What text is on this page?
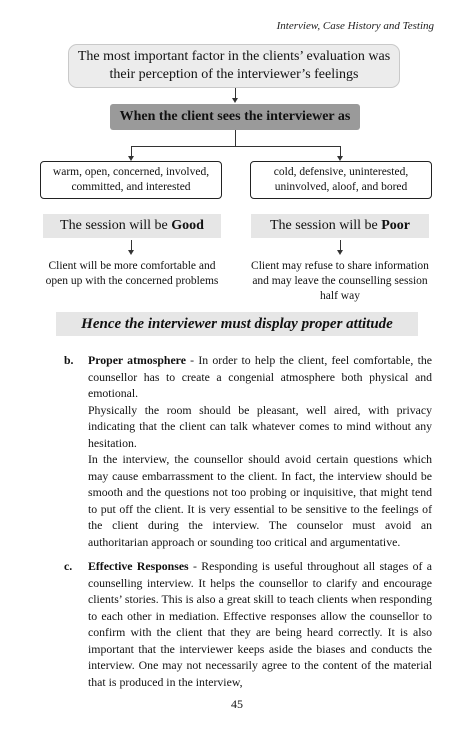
Interview, Case History and Testing
The most important factor in the clients’ evaluation was their perception of the interviewer’s feelings
When the client sees the interviewer as
warm, open, concerned, involved, committed, and interested
cold, defensive, uninterested, uninvolved, aloof, and bored
The session will be Good	The session will be Poor
Client will be more comfortable and open up with the concerned problems
Client may refuse to share information and may leave the counselling session half way
Hence the interviewer must display proper attitude
b. Proper atmosphere - In order to help the client, feel comfortable, the counsellor has to create a congenial atmosphere both physical and emotional.

Physically the room should be pleasant, well aired, with privacy indicating that the client can talk whatever comes to mind without any hesitation.

In the interview, the counsellor should avoid certain questions which may cause embarrassment to the client. In fact, the interview should be smooth and the questions not too probing or inquisitive, that might tend to put off the client. It is very essential to be sensitive to the feelings of the client during the interview. The counselor must avoid an authoritarian approach or sounding too critical and argumentative.

c. Effective Responses - Responding is useful throughout all stages of a counselling interview. It helps the counsellor to clarify and encourage clients’ stories. This is also a great skill to teach clients when responding to each other in mediation. Effective responses allow the counsellor to confirm with the client that they are being heard correctly. It is also important that the interviewer keeps aside the biases and conducts the interview. One may not necessarily agree to the content of the material that is produced in the interview,

45
